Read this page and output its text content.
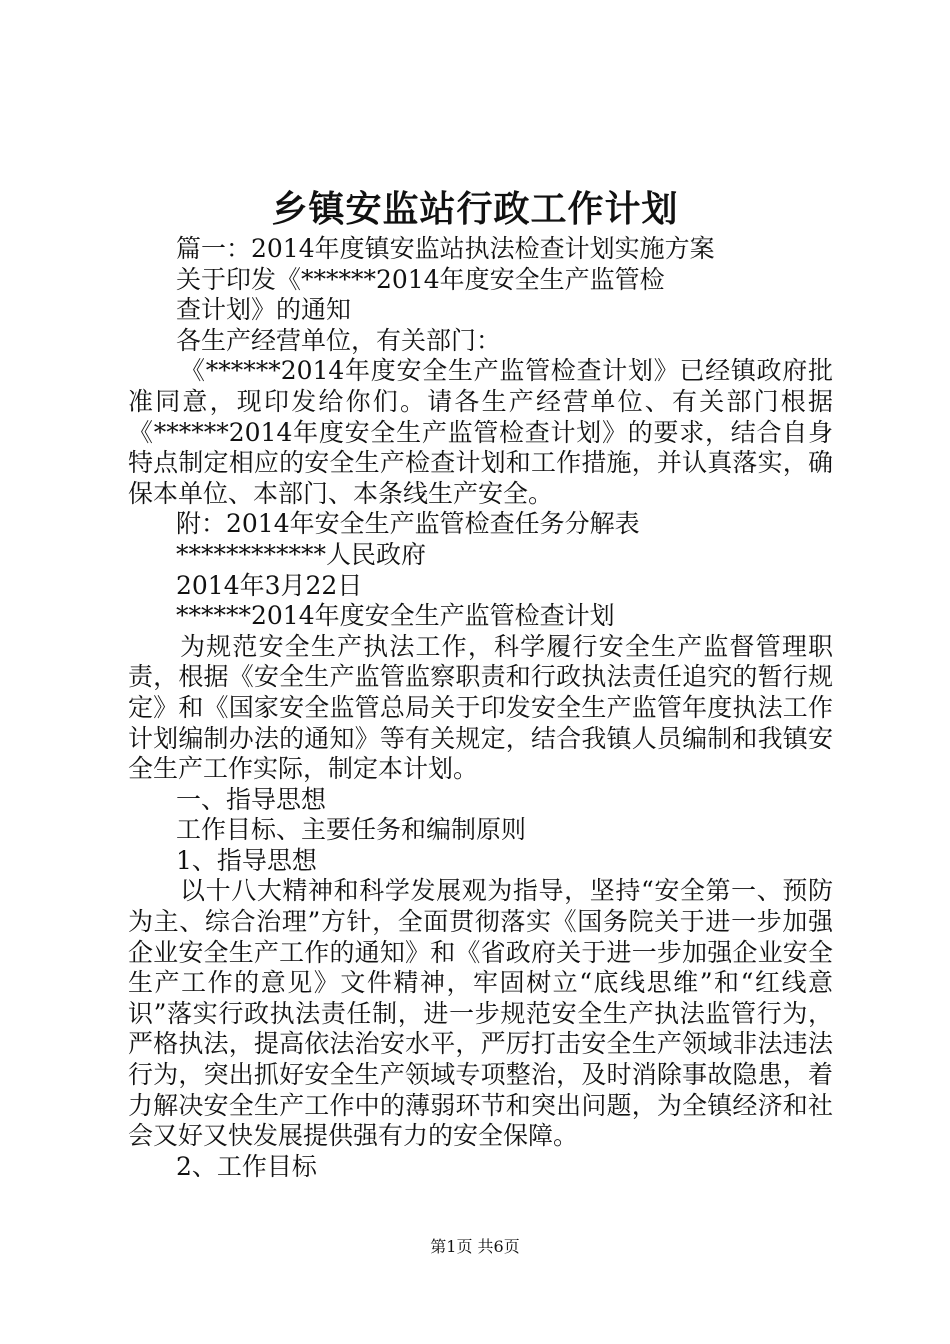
乡镇安监站行政工作计划

篇一：2014年度镇安监站执法检查计划实施方案

关于印发《******2014年度安全生产监管检

查计划》的通知

各生产经营单位，有关部门：

《******2014年度安全生产监管检查计划》已经镇政府批准同意，现印发给你们。请各生产经营单位、有关部门根据《******2014年度安全生产监管检查计划》的要求，结合自身特点制定相应的安全生产检查计划和工作措施，并认真落实，确保本单位、本部门、本条线生产安全。

附：2014年安全生产监管检查任务分解表

************人民政府

2014年3月22日

******2014年度安全生产监管检查计划

为规范安全生产执法工作，科学履行安全生产监督管理职责，根据《安全生产监管监察职责和行政执法责任追究的暂行规定》和《国家安全监管总局关于印发安全生产监管年度执法工作计划编制办法的通知》等有关规定，结合我镇人员编制和我镇安全生产工作实际，制定本计划。

一、指导思想

工作目标、主要任务和编制原则

1、指导思想

以十八大精神和科学发展观为指导，坚持“安全第一、预防为主、综合治理”方针，全面贯彻落实《国务院关于进一步加强企业安全生产工作的通知》和《省政府关于进一步加强企业安全生产工作的意见》文件精神，牢固树立“底线思维”和“红线意识”落实行政执法责任制，进一步规范安全生产执法监管行为，严格执法，提高依法治安水平，严厉打击安全生产领域非法违法行为，突出抓好安全生产领域专项整治，及时消除事故隐患，着力解决安全生产工作中的薄弱环节和突出问题，为全镇经济和社会又好又快发展提供强有力的安全保障。

2、工作目标

第1页 共6页
